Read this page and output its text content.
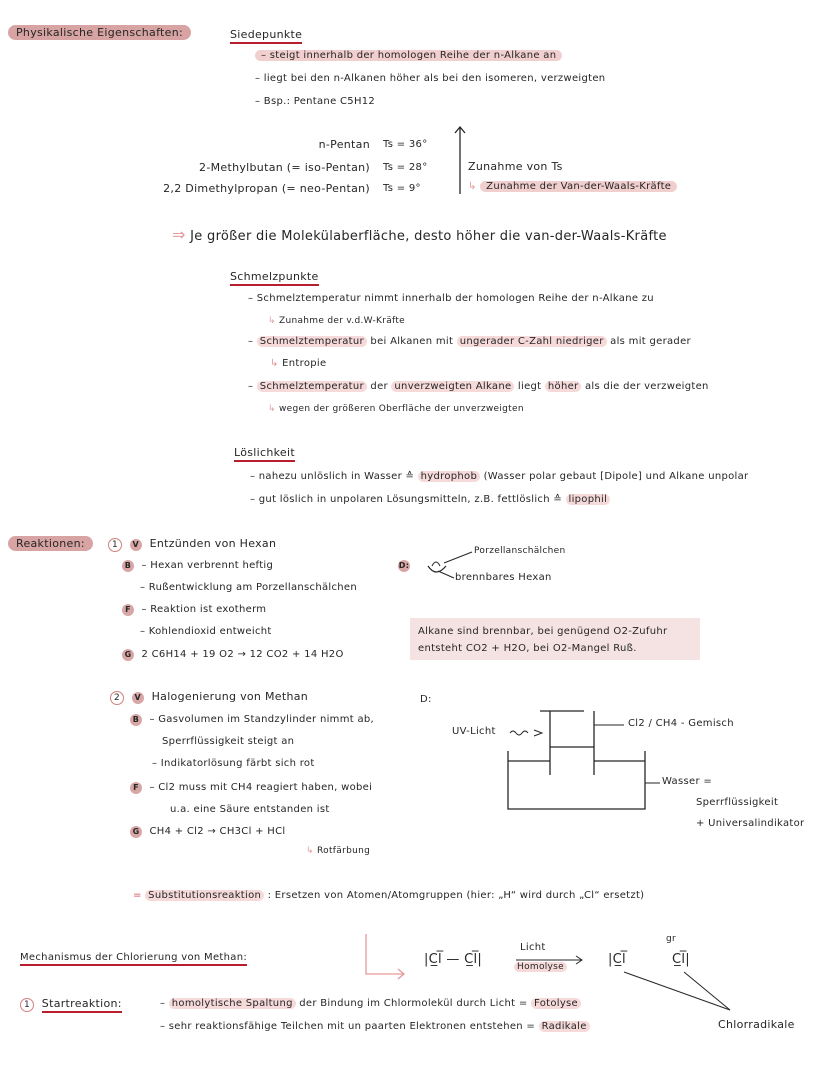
Physikalische Eigenschaften:	Siedepunkte
– steigt innerhalb der homologen Reihe der n-Alkane an
– liegt bei den n-Alkanen höher als bei den isomeren, verzweigten
– Bsp.: Pentane C5H12
n-Pentan Ts = 36°
2-Methylbutan (= iso-Pentan) Ts = 28°
2,2 Dimethylpropan (= neo-Pentan) Ts = 9°
Zunahme von Ts
↳ Zunahme der Van-der-Waals-Kräfte
⇒ Je größer die Molekülaberfläche, desto höher die van-der-Waals-Kräfte
Schmelzpunkte
– Schmelztemperatur nimmt innerhalb der homologen Reihe der n-Alkane zu
↳ Zunahme der v.d.W-Kräfte
– Schmelztemperatur bei Alkanen mit ungerader C-Zahl niedriger als mit gerader
↳ Entropie
– Schmelztemperatur der unverzweigten Alkane liegt höher als die der verzweigten
↳ wegen der größeren Oberfläche der unverzweigten
Löslichkeit
– nahezu unlöslich in Wasser ≙ hydrophob (Wasser polar gebaut [Dipole] und Alkane unpolar
– gut löslich in unpolaren Lösungsmitteln, z.B. fettlöslich ≙ lipophil
Reaktionen:	1 V Entzünden von Hexan
B – Hexan verbrennt heftig
– Rußentwicklung am Porzellanschälchen
F – Reaktion ist exotherm
– Kohlendioxid entweicht
G 2 C6H14 + 19 O2 → 12 CO2 + 14 H2O
D:
Porzellanschälchen
brennbares Hexan
Alkane sind brennbar, bei genügend O2-Zufuhr entsteht CO2 + H2O, bei O2-Mangel Ruß.
2 V Halogenierung von Methan
B – Gasvolumen im Standzylinder nimmt ab,
Sperrflüssigkeit steigt an
– Indikatorlösung färbt sich rot
F – Cl2 muss mit CH4 reagiert haben, wobei
u.a. eine Säure entstanden ist
G CH4 + Cl2 → CH3Cl + HCl
↳ Rotfärbung
D:
UV-Licht
Cl2 / CH4 - Gemisch
Wasser =
Sperrflüssigkeit
+ Universalindikator
= Substitutionsreaktion : Ersetzen von Atomen/Atomgruppen (hier: „H“ wird durch „Cl“ ersetzt)
Mechanismus der Chlorierung von Methan:	|C̲l̅ — C̲l̅|
Licht
Homolyse	|C̲l̅
gr
C̲l̅|
Chlorradikale
1 Startreaktion:	– homolytische Spaltung der Bindung im Chlormolekül durch Licht = Fotolyse
– sehr reaktionsfähige Teilchen mit un paarten Elektronen entstehen = Radikale
